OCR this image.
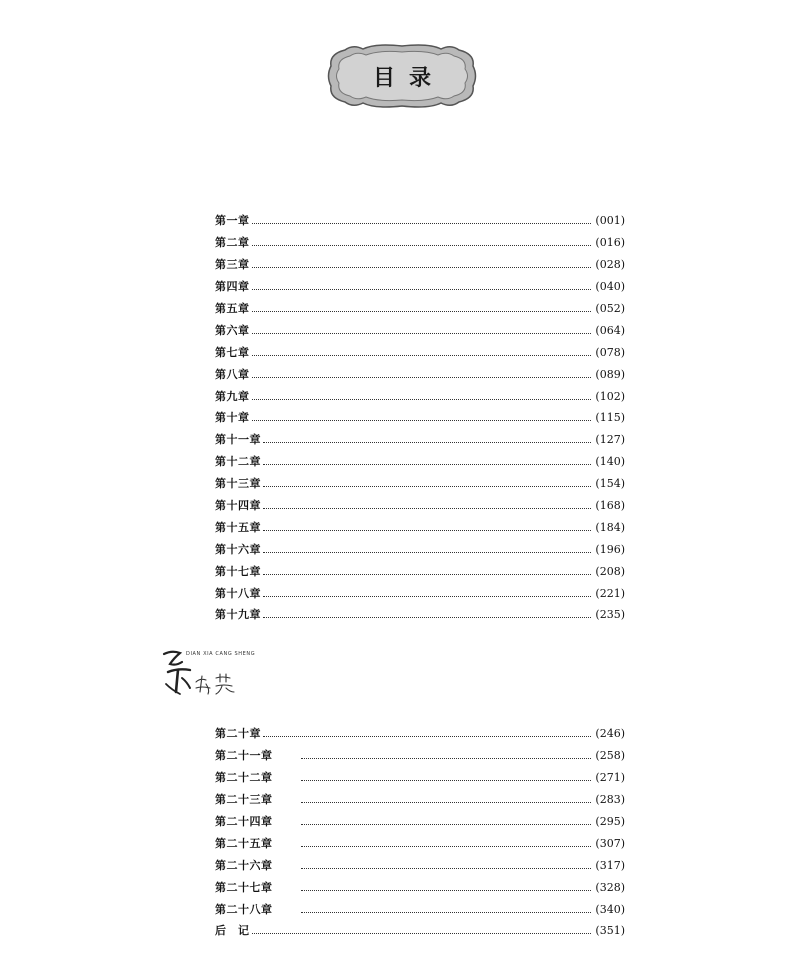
目录
第一章	(001)
第二章	(016)
第三章	(028)
第四章	(040)
第五章	(052)
第六章	(064)
第七章	(078)
第八章	(089)
第九章	(102)
第十章	(115)
第十一章	(127)
第十二章	(140)
第十三章	(154)
第十四章	(168)
第十五章	(184)
第十六章	(196)
第十七章	(208)
第十八章	(221)
第十九章	(235)
DIAN XIA CANG SHENG
第二十章	(246)
第二十一章	(258)
第二十二章	(271)
第二十三章	(283)
第二十四章	(295)
第二十五章	(307)
第二十六章	(317)
第二十七章	(328)
第二十八章	(340)
后　记	(351)
